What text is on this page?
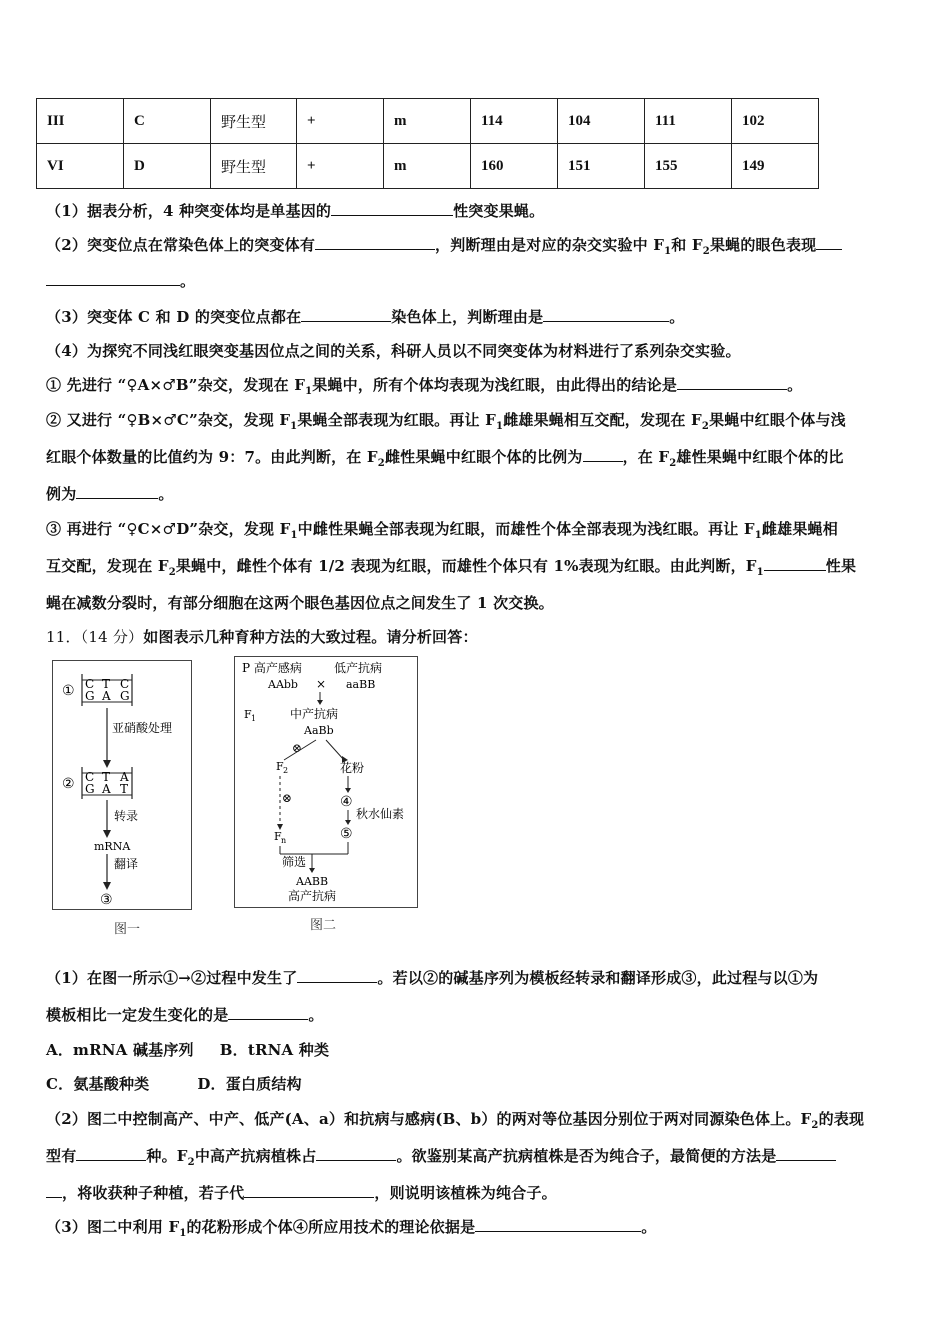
III	C	野生型	+	m	114	104	111	102
VI	D	野生型	+	m	160	151	155	149
（1）据表分析，4 种突变体均是单基因的	性突变果蝇。
（2）突变位点在常染色体上的突变体有	，判断理由是对应的杂交实验中 $F_1$和 $F_2$果蝇的眼色表现
。
（3）突变体 C 和 D 的突变位点都在	染色体上，判断理由是	。
（4）为探究不同浅红眼突变基因位点之间的关系，科研人员以不同突变体为材料进行了系列杂交实验。
① 先进行 “♀A×♂B”杂交，发现在 $F_1$果蝇中，所有个体均表现为浅红眼，由此得出的结论是	。
② 又进行 “♀B×♂C”杂交，发现 $F_1$果蝇全部表现为红眼。再让 $F_1$雌雄果蝇相互交配，发现在 $F_2$果蝇中红眼个体与浅
红眼个体数量的比值约为 9：7。由此判断，在 $F_2$雌性果蝇中红眼个体的比例为	，在 $F_2$雄性果蝇中红眼个体的比
例为	。
③ 再进行 “♀C×♂D”杂交，发现 $F_1$中雌性果蝇全部表现为红眼，而雄性个体全部表现为浅红眼。再让 $F_1$雌雄果蝇相
互交配，发现在 $F_2$果蝇中，雌性个体有 1/2 表现为红眼，而雄性个体只有 1%表现为红眼。由此判断，$F_1$	性果
蝇在减数分裂时，有部分细胞在这两个眼色基因位点之间发生了 1 次交换。
11．（14 分）如图表示几种育种方法的大致过程。请分析回答：
① C T C
G A G
亚硝酸处理
② C T A
G A T
转录
mRNA
翻译
③
图一
P 高产感病	低产抗病
AAbb × aaBB
F 1	中产抗病
AaBb
⊗
F 2	花粉
⊗
F n
④
秋水仙素
⑤
筛选
AABB
高产抗病
图二
（1）在图一所示①→②过程中发生了	。若以②的碱基序列为模板经转录和翻译形成③，此过程与以①为
模板相比一定发生变化的是	。
A．mRNA 碱基序列 B．tRNA 种类
C．氨基酸种类	D．蛋白质结构
（2）图二中控制高产、中产、低产(A、a）和抗病与感病(B、b）的两对等位基因分别位于两对同源染色体上。$F_2$的表现
型有	种。$F_2$中高产抗病植株占	。欲鉴别某高产抗病植株是否为纯合子，最简便的方法是
，将收获种子种植，若子代	，则说明该植株为纯合子。
（3）图二中利用 $F_1$的花粉形成个体④所应用技术的理论依据是	。
